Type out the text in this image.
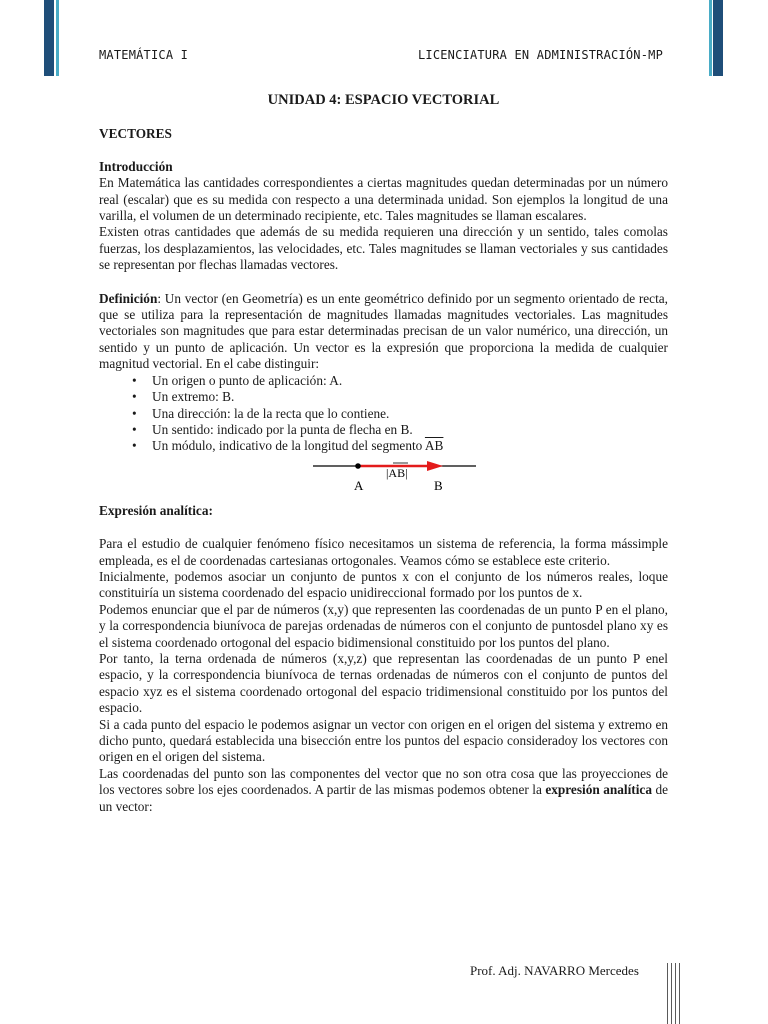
MATEMÁTICA I	LICENCIATURA EN ADMINISTRACIÓN-MP
UNIDAD 4: ESPACIO VECTORIAL

VECTORES

Introducción

En Matemática las cantidades correspondientes a ciertas magnitudes quedan determinadas por un número real (escalar) que es su medida con respecto a una determinada unidad. Son ejemplos la longitud de una varilla, el volumen de un determinado recipiente, etc. Tales magnitudes se llaman escalares.

Existen otras cantidades que además de su medida requieren una dirección y un sentido, tales comolas fuerzas, los desplazamientos, las velocidades, etc. Tales magnitudes se llaman vectoriales y sus cantidades se representan por flechas llamadas vectores.

Definición: Un vector (en Geometría) es un ente geométrico definido por un segmento orientado de recta, que se utiliza para la representación de magnitudes llamadas magnitudes vectoriales. Las magnitudes vectoriales son magnitudes que para estar determinadas precisan de un valor numérico, una dirección, un sentido y un punto de aplicación. Un vector es la expresión que proporciona la medida de cualquier magnitud vectorial. En el cabe distinguir:

• Un origen o punto de aplicación: A.
• Un extremo: B.
• Una dirección: la de la recta que lo contiene.
• Un sentido: indicado por la punta de flecha en B.
• Un módulo, indicativo de la longitud del segmento $\overline{AB}$
A	B
|AB|

Expresión analítica:

Para el estudio de cualquier fenómeno físico necesitamos un sistema de referencia, la forma mássimple empleada, es el de coordenadas cartesianas ortogonales. Veamos cómo se establece este criterio.

Inicialmente, podemos asociar un conjunto de puntos x con el conjunto de los números reales, loque constituiría un sistema coordenado del espacio unidireccional formado por los puntos de x.

Podemos enunciar que el par de números (x,y) que representen las coordenadas de un punto P en el plano, y la correspondencia biunívoca de parejas ordenadas de números con el conjunto de puntosdel plano xy es el sistema coordenado ortogonal del espacio bidimensional constituido por los puntos del plano.

Por tanto, la terna ordenada de números (x,y,z) que representan las coordenadas de un punto P enel espacio, y la correspondencia biunívoca de ternas ordenadas de números con el conjunto de puntos del espacio xyz es el sistema coordenado ortogonal del espacio tridimensional constituido por los puntos del espacio.

Si a cada punto del espacio le podemos asignar un vector con origen en el origen del sistema y extremo en dicho punto, quedará establecida una bisección entre los puntos del espacio consideradoy los vectores con origen en el origen del sistema.

Las coordenadas del punto son las componentes del vector que no son otra cosa que las proyecciones de los vectores sobre los ejes coordenados. A partir de las mismas podemos obtener la expresión analítica de un vector:

Prof. Adj. NAVARRO Mercedes
